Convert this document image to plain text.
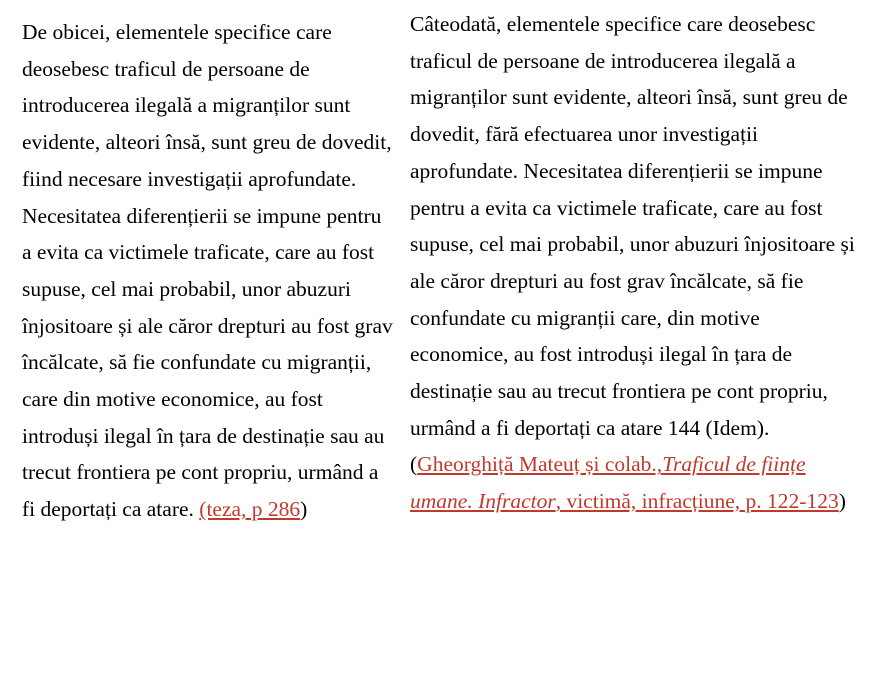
De obicei, elementele specifice care deosebesc traficul de persoane de introducerea ilegală a migranților sunt evidente, alteori însă, sunt greu de dovedit, fiind necesare investigații aprofundate. Necesitatea diferențierii se impune pentru a evita ca victimele traficate, care au fost supuse, cel mai probabil, unor abuzuri înjositoare și ale căror drepturi au fost grav încălcate, să fie confundate cu migranții, care din motive economice, au fost introduși ilegal în țara de destinație sau au trecut frontiera pe cont propriu, urmând a fi deportați ca atare. (teza, p 286)
Câteodată, elementele specifice care deosebesc traficul de persoane de introducerea ilegală a migranților sunt evidente, alteori însă, sunt greu de dovedit, fără efectuarea unor investigații aprofundate. Necesitatea diferențierii se impune pentru a evita ca victimele traficate, care au fost supuse, cel mai probabil, unor abuzuri înjositoare și ale căror drepturi au fost grav încălcate, să fie confundate cu migranții care, din motive economice, au fost introduși ilegal în țara de destinație sau au trecut frontiera pe cont propriu, urmând a fi deportați ca atare 144 (Idem).
(Gheorghiță Mateuț și colab.,Traficul de ființe umane. Infractor, victimă, infracțiune, p. 122-123)
